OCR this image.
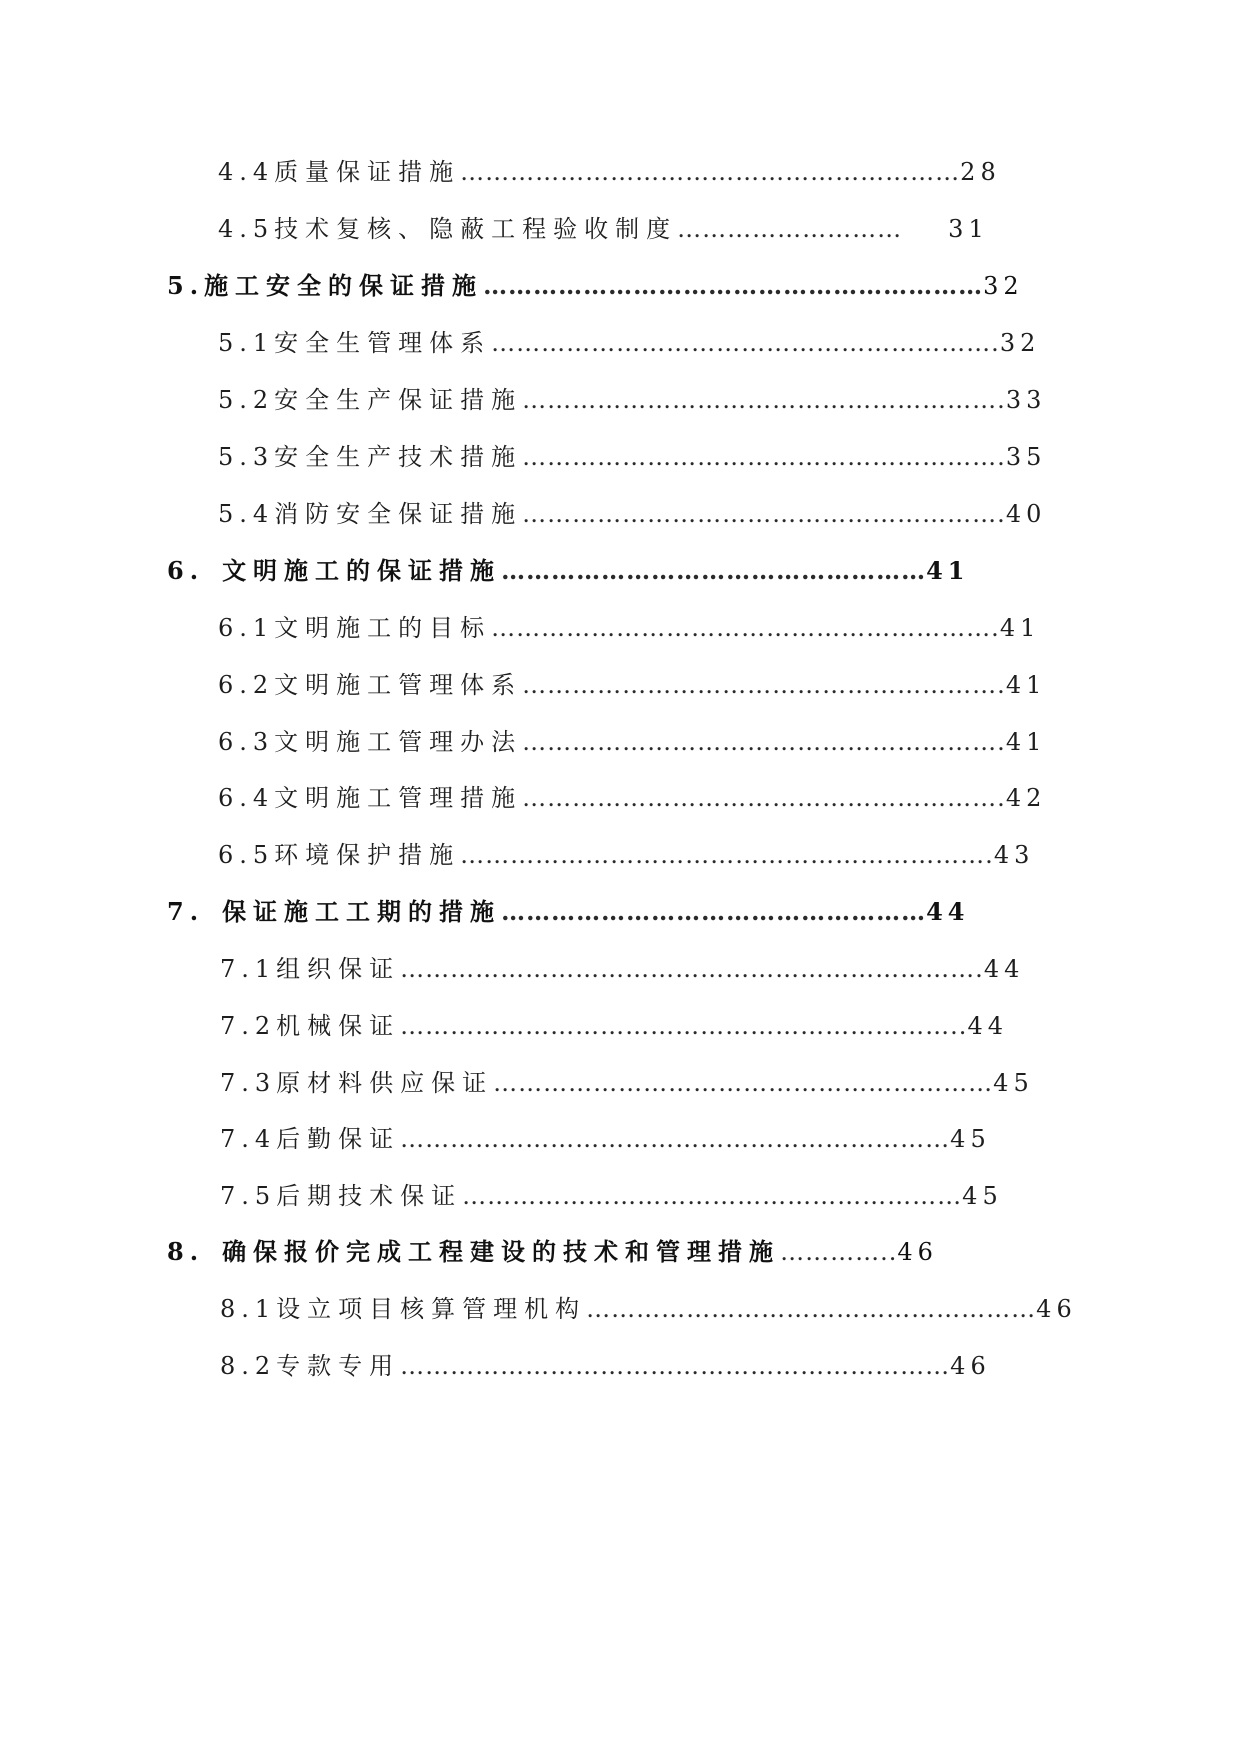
4.4质量保证措施……………………………………………………28
4.5技术复核、隐蔽工程验收制度……………………… 31
5.施工安全的保证措施……………………………………………………32
5.1安全生管理体系…………………………………………………….32
5.2安全生产保证措施………………………………………………….33
5.3安全生产技术措施………………………………………………….35
5.4消防安全保证措施………………………………………………….40
6. 文明施工的保证措施……………………………………………41
6.1文明施工的目标…………………………………………………….41
6.2文明施工管理体系………………………………………………….41
6.3文明施工管理办法………………………………………………….41
6.4文明施工管理措施………………………………………………….42
6.5环境保护措施……………………………………………………….43
7. 保证施工工期的措施……………………………………………44
7.1组织保证…………………………………………………………….44
7.2机械保证…………………………………………………………..44
7.3原材料供应保证……………………………………………………45
7.4后勤保证…………………………………………………………45
7.5后期技术保证……………………………………………………45
8. 确保报价完成工程建设的技术和管理措施…………..46
8.1设立项目核算管理机构………………………………………………46
8.2专款专用…………………………………………………………46
